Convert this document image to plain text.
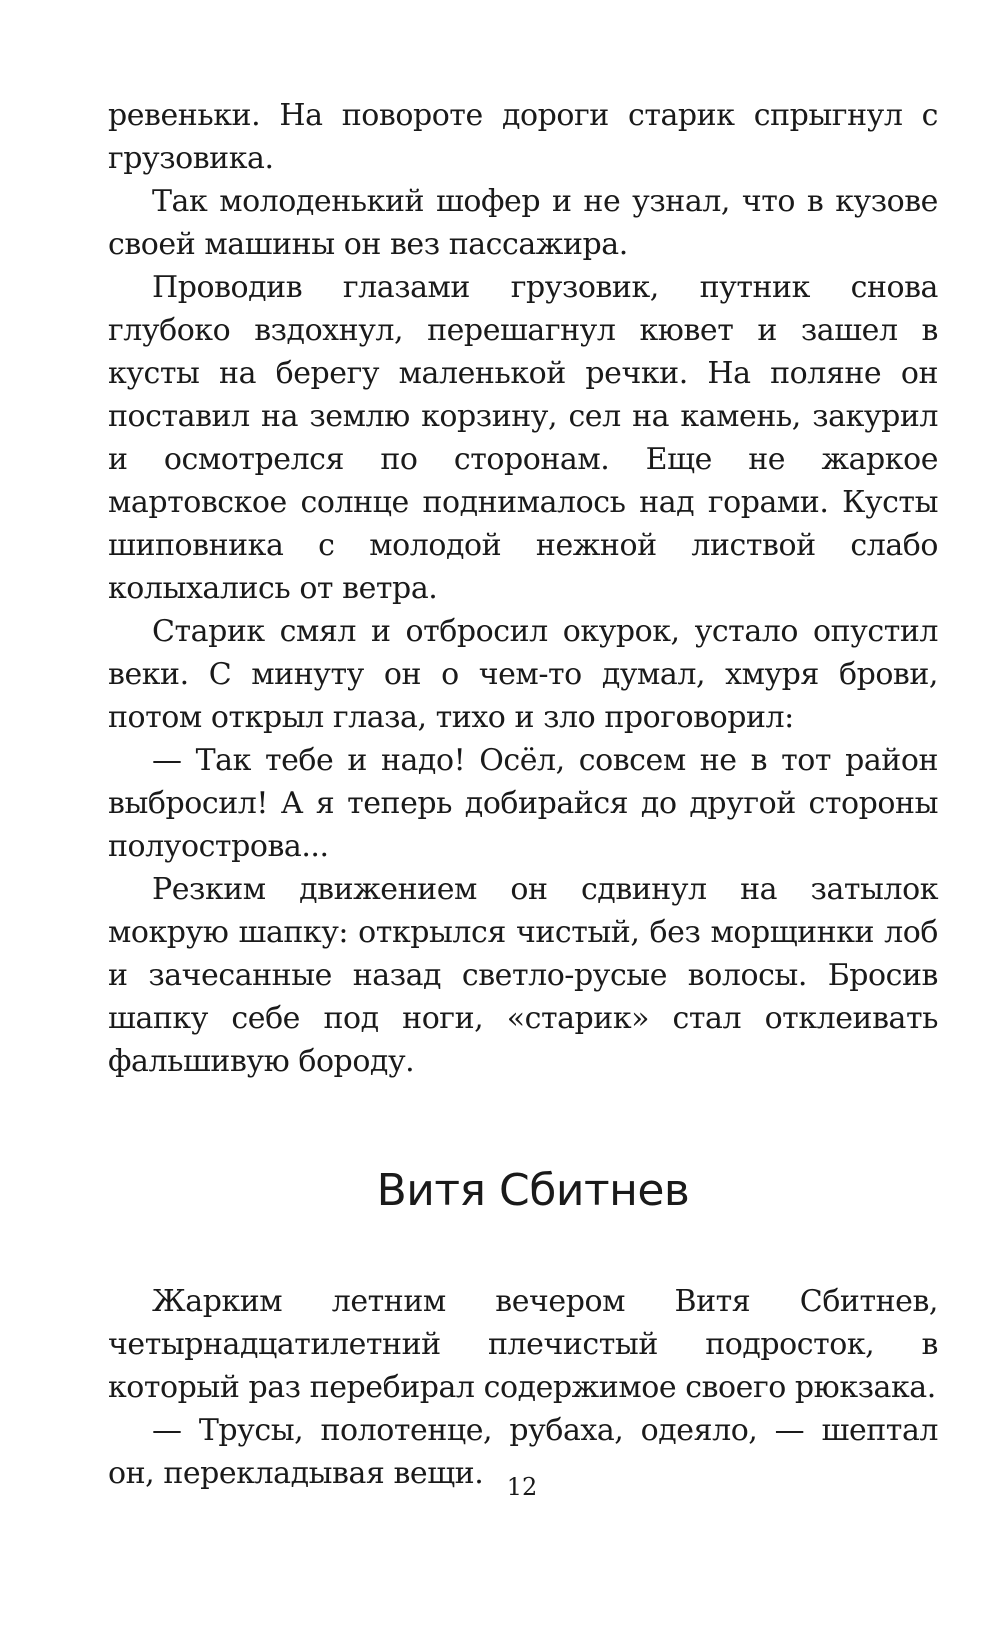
ревеньки. На повороте дороги старик спрыгнул с грузовика.

Так молоденький шофер и не узнал, что в кузове своей машины он вез пассажира.

Проводив глазами грузовик, путник снова глубоко вздохнул, перешагнул кювет и зашел в кусты на берегу маленькой речки. На поляне он поставил на землю корзину, сел на камень, закурил и осмотрелся по сторонам. Еще не жаркое мартовское солнце поднималось над горами. Кусты шиповника с молодой нежной листвой слабо колыхались от ветра.

Старик смял и отбросил окурок, устало опустил веки. С минуту он о чем-то думал, хмуря брови, потом открыл глаза, тихо и зло проговорил:

— Так тебе и надо! Осёл, совсем не в тот район выбросил! А я теперь добирайся до другой стороны полуострова...

Резким движением он сдвинул на затылок мокрую шапку: открылся чистый, без морщинки лоб и зачесанные назад светло-русые волосы. Бросив шапку себе под ноги, «старик» стал отклеивать фальшивую бороду.

Витя Сбитнев

Жарким летним вечером Витя Сбитнев, четырнадцатилетний плечистый подросток, в который раз перебирал содержимое своего рюкзака.

— Трусы, полотенце, рубаха, одеяло, — шептал он, перекладывая вещи. 12
